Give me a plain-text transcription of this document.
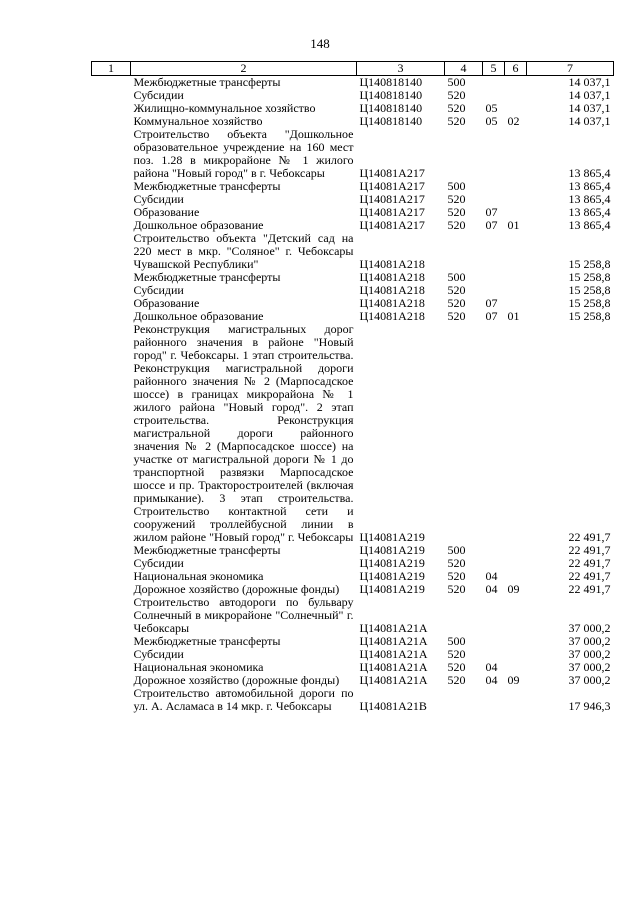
148
1	2	3	4	5	6	7
	Межбюджетные трансферты	Ц140818140	500			14 037,1
	Субсидии	Ц140818140	520			14 037,1
	Жилищно-коммунальное хозяйство	Ц140818140	520	05		14 037,1
	Коммунальное хозяйство	Ц140818140	520	05	02	14 037,1
	Строительство объекта "Дошкольное образовательное учреждение на 160 мест поз. 1.28 в микрорайоне № 1 жилого района "Новый город" в г. Чебоксары	Ц14081А217				13 865,4
	Межбюджетные трансферты	Ц14081А217	500			13 865,4
	Субсидии	Ц14081А217	520			13 865,4
	Образование	Ц14081А217	520	07		13 865,4
	Дошкольное образование	Ц14081А217	520	07	01	13 865,4
	Строительство объекта "Детский сад на 220 мест в мкр. "Соляное" г. Чебоксары Чувашской Республики"	Ц14081А218				15 258,8
	Межбюджетные трансферты	Ц14081А218	500			15 258,8
	Субсидии	Ц14081А218	520			15 258,8
	Образование	Ц14081А218	520	07		15 258,8
	Дошкольное образование	Ц14081А218	520	07	01	15 258,8
	Реконструкция магистральных дорог районного значения в районе "Новый город" г. Чебоксары. 1 этап строительства. Реконструкция магистральной дороги районного значения № 2 (Марпосадское шоссе) в границах микрорайона № 1 жилого района "Новый город". 2 этап строительства. Реконструкция магистральной дороги районного значения № 2 (Марпосадское шоссе) на участке от магистральной дороги № 1 до транспортной развязки Марпосадское шоссе и пр. Тракторостроителей (включая примыкание). 3 этап строительства. Строительство контактной сети и сооружений троллейбусной линии в жилом районе "Новый город" г. Чебоксары	Ц14081А219				22 491,7
	Межбюджетные трансферты	Ц14081А219	500			22 491,7
	Субсидии	Ц14081А219	520			22 491,7
	Национальная экономика	Ц14081А219	520	04		22 491,7
	Дорожное хозяйство (дорожные фонды)	Ц14081А219	520	04	09	22 491,7
	Строительство автодороги по бульвару Солнечный в микрорайоне "Солнечный" г. Чебоксары	Ц14081А21А				37 000,2
	Межбюджетные трансферты	Ц14081А21А	500			37 000,2
	Субсидии	Ц14081А21А	520			37 000,2
	Национальная экономика	Ц14081А21А	520	04		37 000,2
	Дорожное хозяйство (дорожные фонды)	Ц14081А21А	520	04	09	37 000,2
	Строительство автомобильной дороги по ул. А. Асламаса в 14 мкр. г. Чебоксары	Ц14081А21В				17 946,3
